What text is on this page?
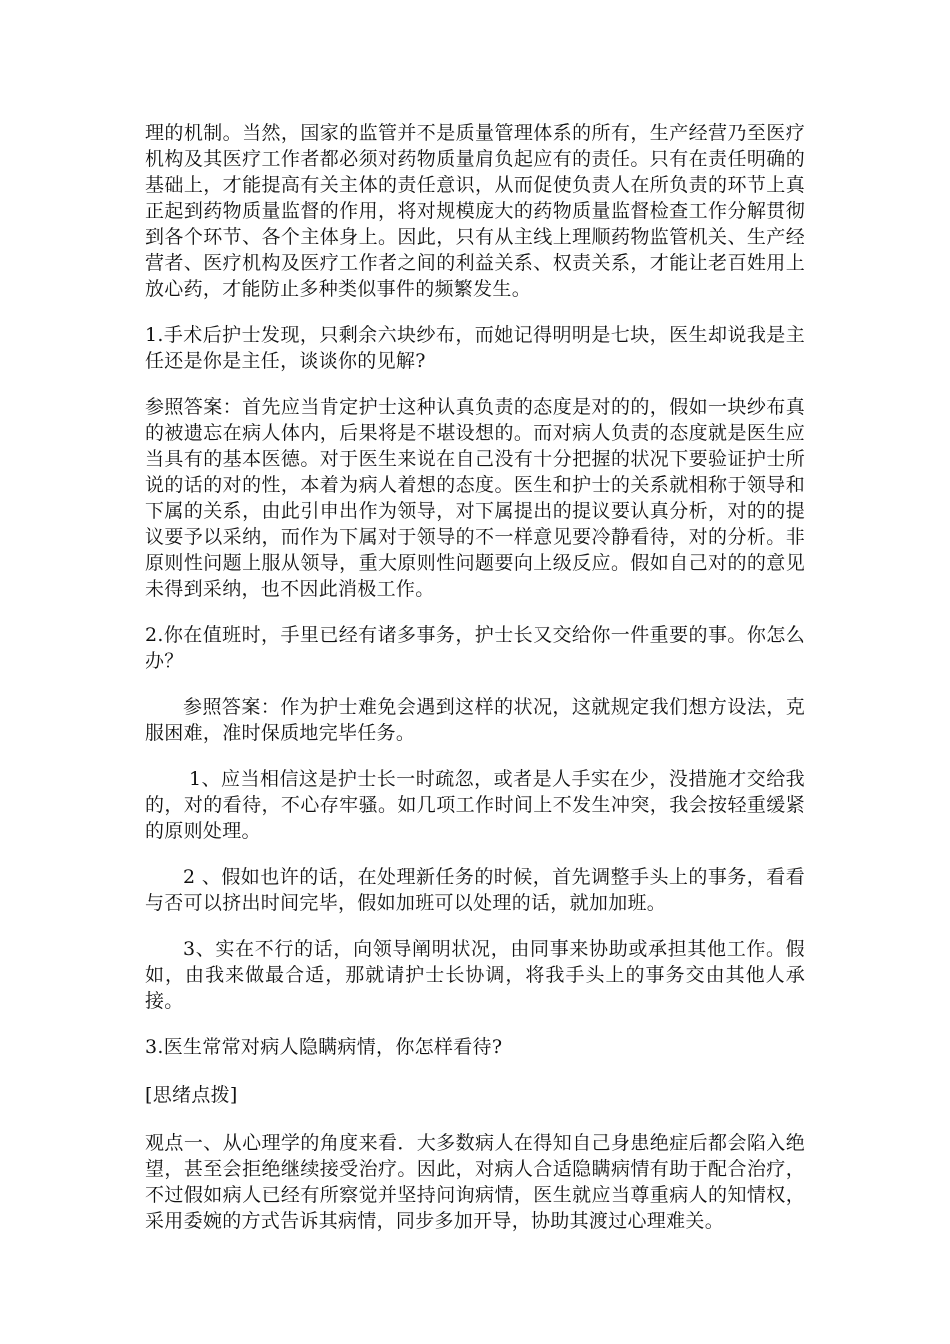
理的机制。当然，国家的监管并不是质量管理体系的所有，生产经营乃至医疗机构及其医疗工作者都必须对药物质量肩负起应有的责任。只有在责任明确的基础上，才能提高有关主体的责任意识，从而促使负责人在所负责的环节上真正起到药物质量监督的作用，将对规模庞大的药物质量监督检查工作分解贯彻到各个环节、各个主体身上。因此，只有从主线上理顺药物监管机关、生产经营者、医疗机构及医疗工作者之间的利益关系、权责关系，才能让老百姓用上放心药，才能防止多种类似事件的频繁发生。

1.手术后护士发现，只剩余六块纱布，而她记得明明是七块，医生却说我是主任还是你是主任，谈谈你的见解?

参照答案：首先应当肯定护士这种认真负责的态度是对的的，假如一块纱布真的被遗忘在病人体内，后果将是不堪设想的。而对病人负责的态度就是医生应当具有的基本医德。对于医生来说在自己没有十分把握的状况下要验证护士所说的话的对的性，本着为病人着想的态度。医生和护士的关系就相称于领导和下属的关系，由此引申出作为领导，对下属提出的提议要认真分析，对的的提议要予以采纳，而作为下属对于领导的不一样意见要冷静看待，对的分析。非原则性问题上服从领导，重大原则性问题要向上级反应。假如自己对的的意见未得到采纳，也不因此消极工作。

2.你在值班时，手里已经有诸多事务，护士长又交给你一件重要的事。你怎么办？

参照答案：作为护士难免会遇到这样的状况，这就规定我们想方设法，克服困难，准时保质地完毕任务。

1、应当相信这是护士长一时疏忽，或者是人手实在少，没措施才交给我的，对的看待，不心存牢骚。如几项工作时间上不发生冲突，我会按轻重缓紧的原则处理。

2 、假如也许的话，在处理新任务的时候，首先调整手头上的事务，看看与否可以挤出时间完毕，假如加班可以处理的话，就加加班。

3、实在不行的话，向领导阐明状况，由同事来协助或承担其他工作。假如，由我来做最合适，那就请护士长协调，将我手头上的事务交由其他人承接。

3.医生常常对病人隐瞒病情，你怎样看待?

[思绪点拨]

观点一、从心理学的角度来看．大多数病人在得知自己身患绝症后都会陷入绝望，甚至会拒绝继续接受治疗。因此，对病人合适隐瞒病情有助于配合治疗，不过假如病人已经有所察觉并坚持问询病情，医生就应当尊重病人的知情权，采用委婉的方式告诉其病情，同步多加开导，协助其渡过心理难关。
